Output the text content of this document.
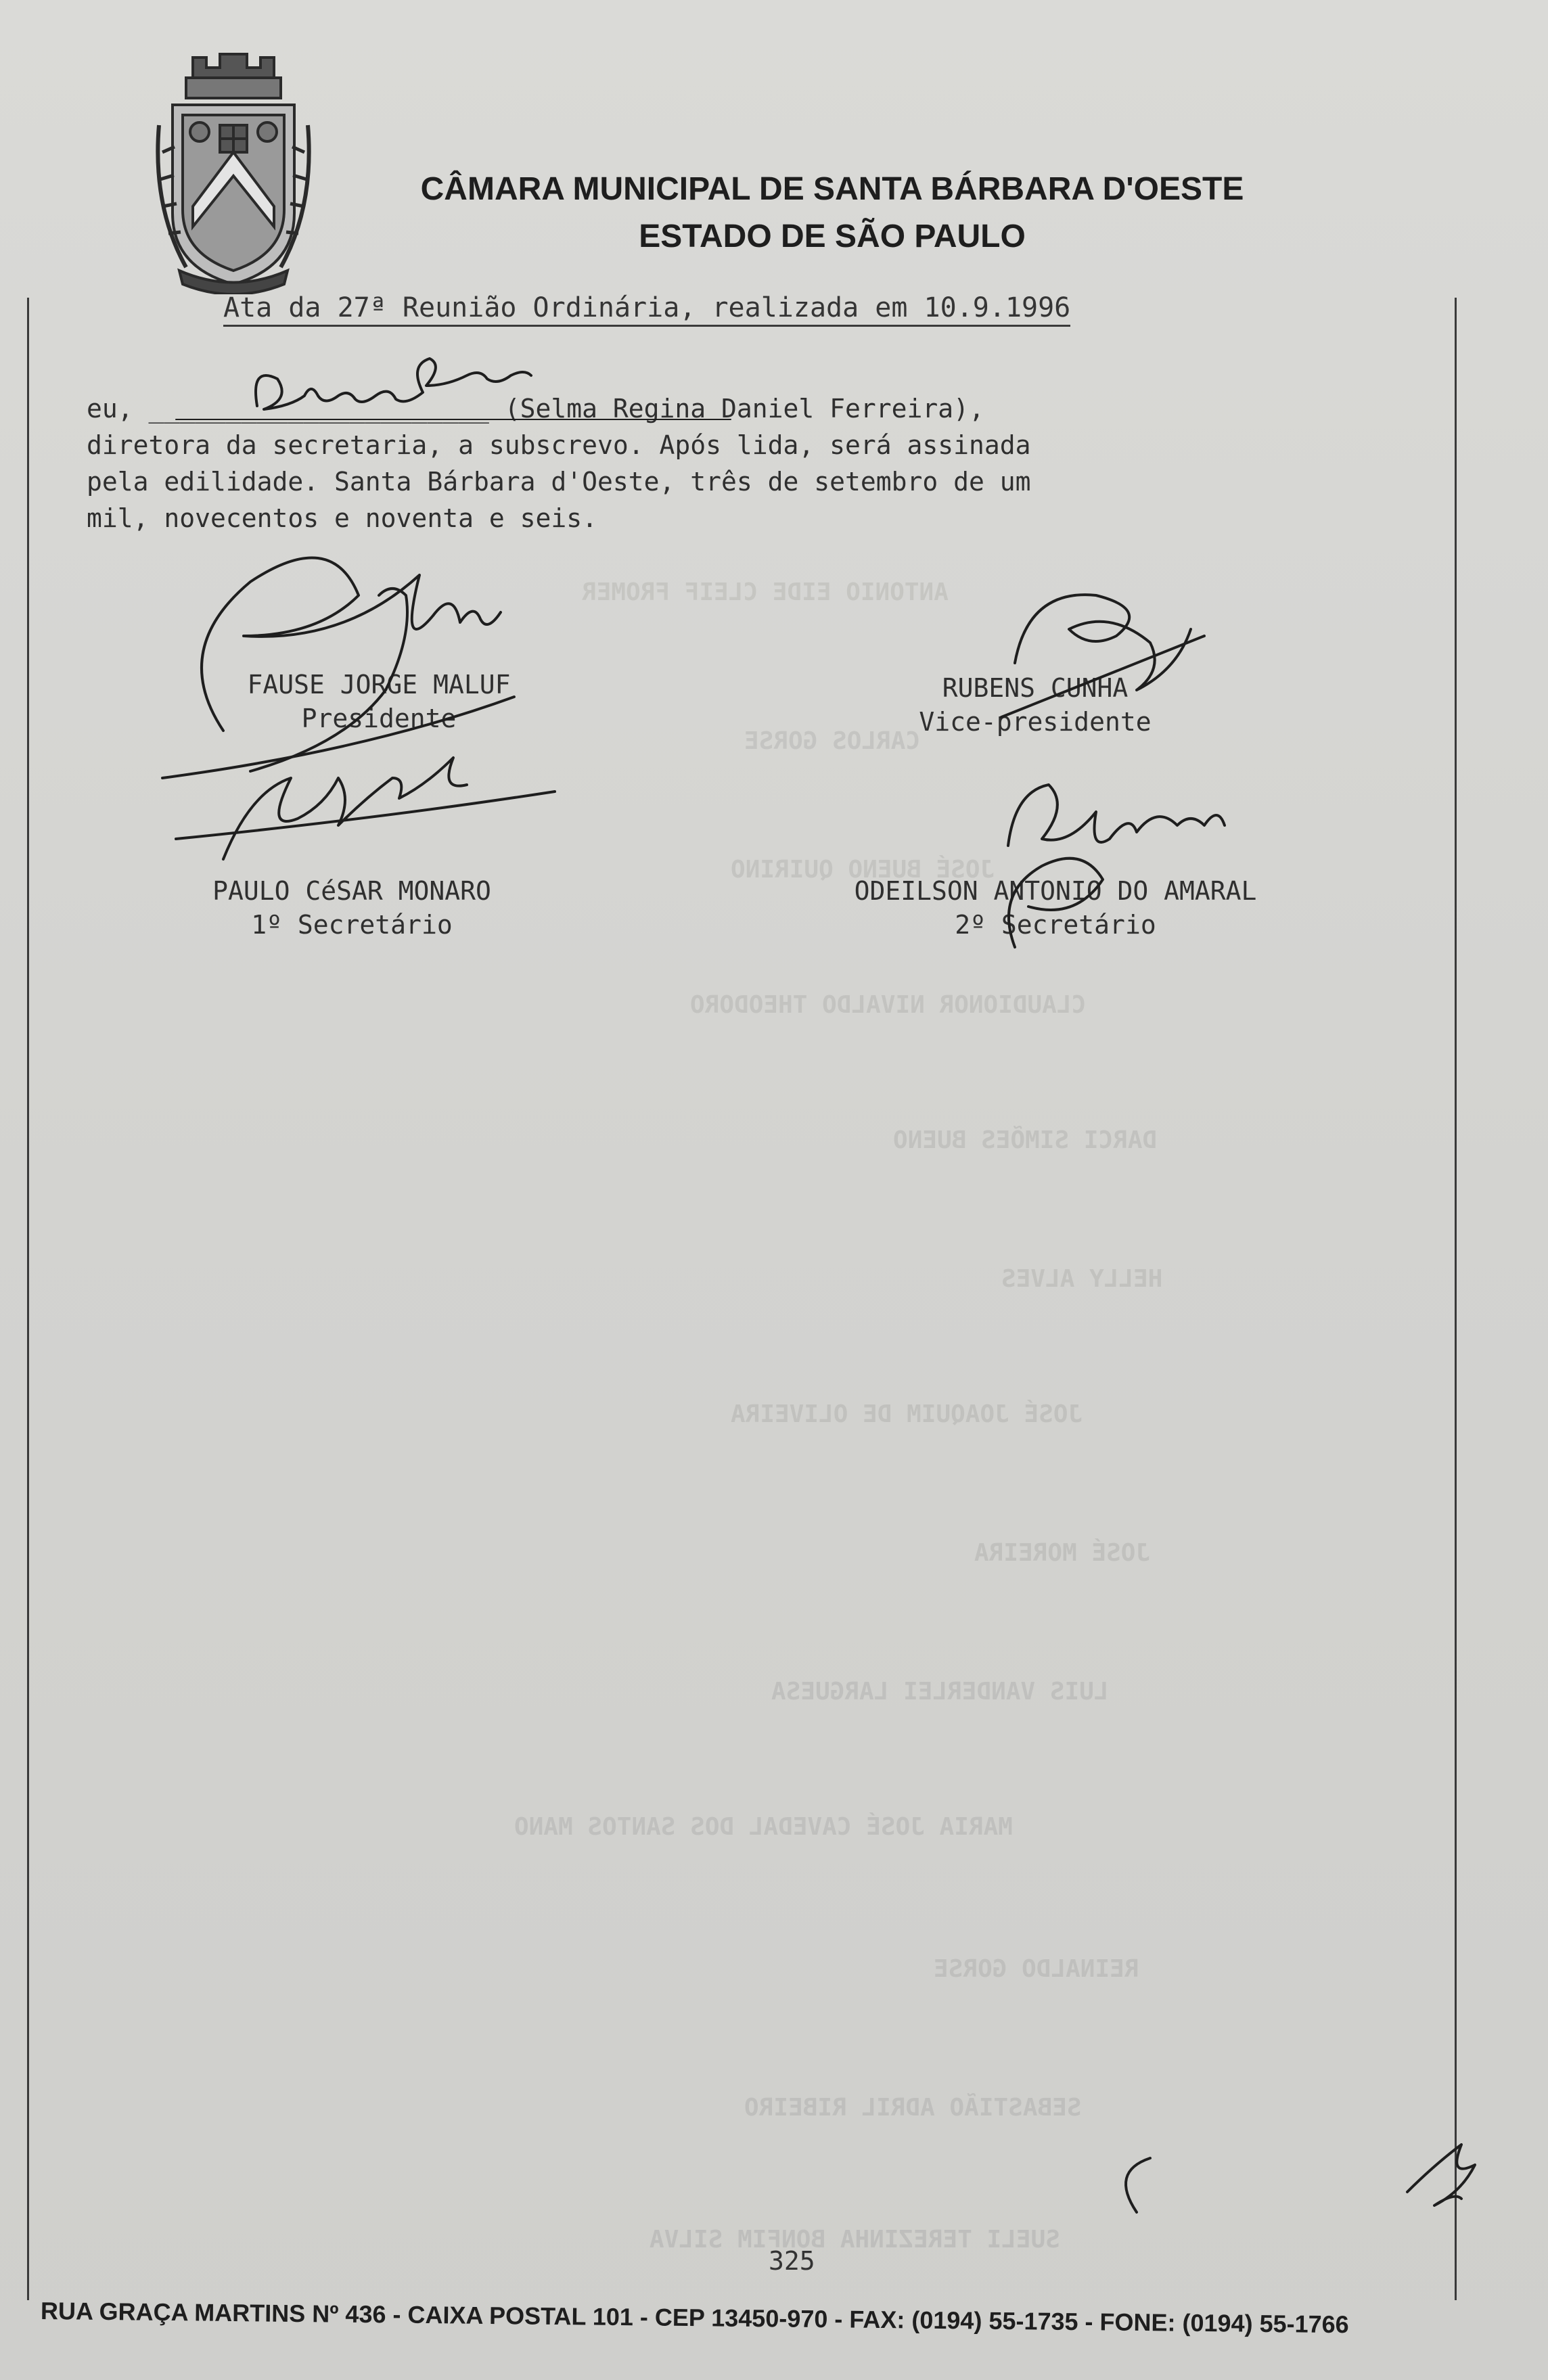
CÂMARA MUNICIPAL DE SANTA BÁRBARA D'OESTE
ESTADO DE SÃO PAULO
Ata da 27ª Reunião Ordinária, realizada em 10.9.1996
eu, ______________________ (Selma Regina Daniel Ferreira),
diretora da secretaria, a subscrevo. Após lida, será assinada
pela edilidade. Santa Bárbara d'Oeste, três de setembro de um
mil, novecentos e noventa e seis.
ANTONIO EIDE CLEIF FROMER
CARLOS GORSE
JOSÉ BUENO QUIRINO
CLAUDIONOR NIVALDO THEODORO
DARCI SIMÕES BUENO
HELLY ALVES
JOSÉ JOAQUIM DE OLIVEIRA
JOSÉ MOREIRA
LUIS VANDERLEI LARGUESA
MARIA JOSÉ CAVEDAL DOS SANTOS MANO
REINALDO GORSE
SEBASTIÃO ADRIL RIBEIRO
SUELI TEREZINHA BONFIM SILVA
FAUSE JORGE MALUF
Presidente
RUBENS CUNHA
Vice-presidente
PAULO CéSAR MONARO
1º Secretário
ODEILSON ANTONIO DO AMARAL
2º Secretário
325
RUA GRAÇA MARTINS Nº 436 - CAIXA POSTAL 101 - CEP 13450-970 - FAX: (0194) 55-1735 - FONE: (0194) 55-1766
